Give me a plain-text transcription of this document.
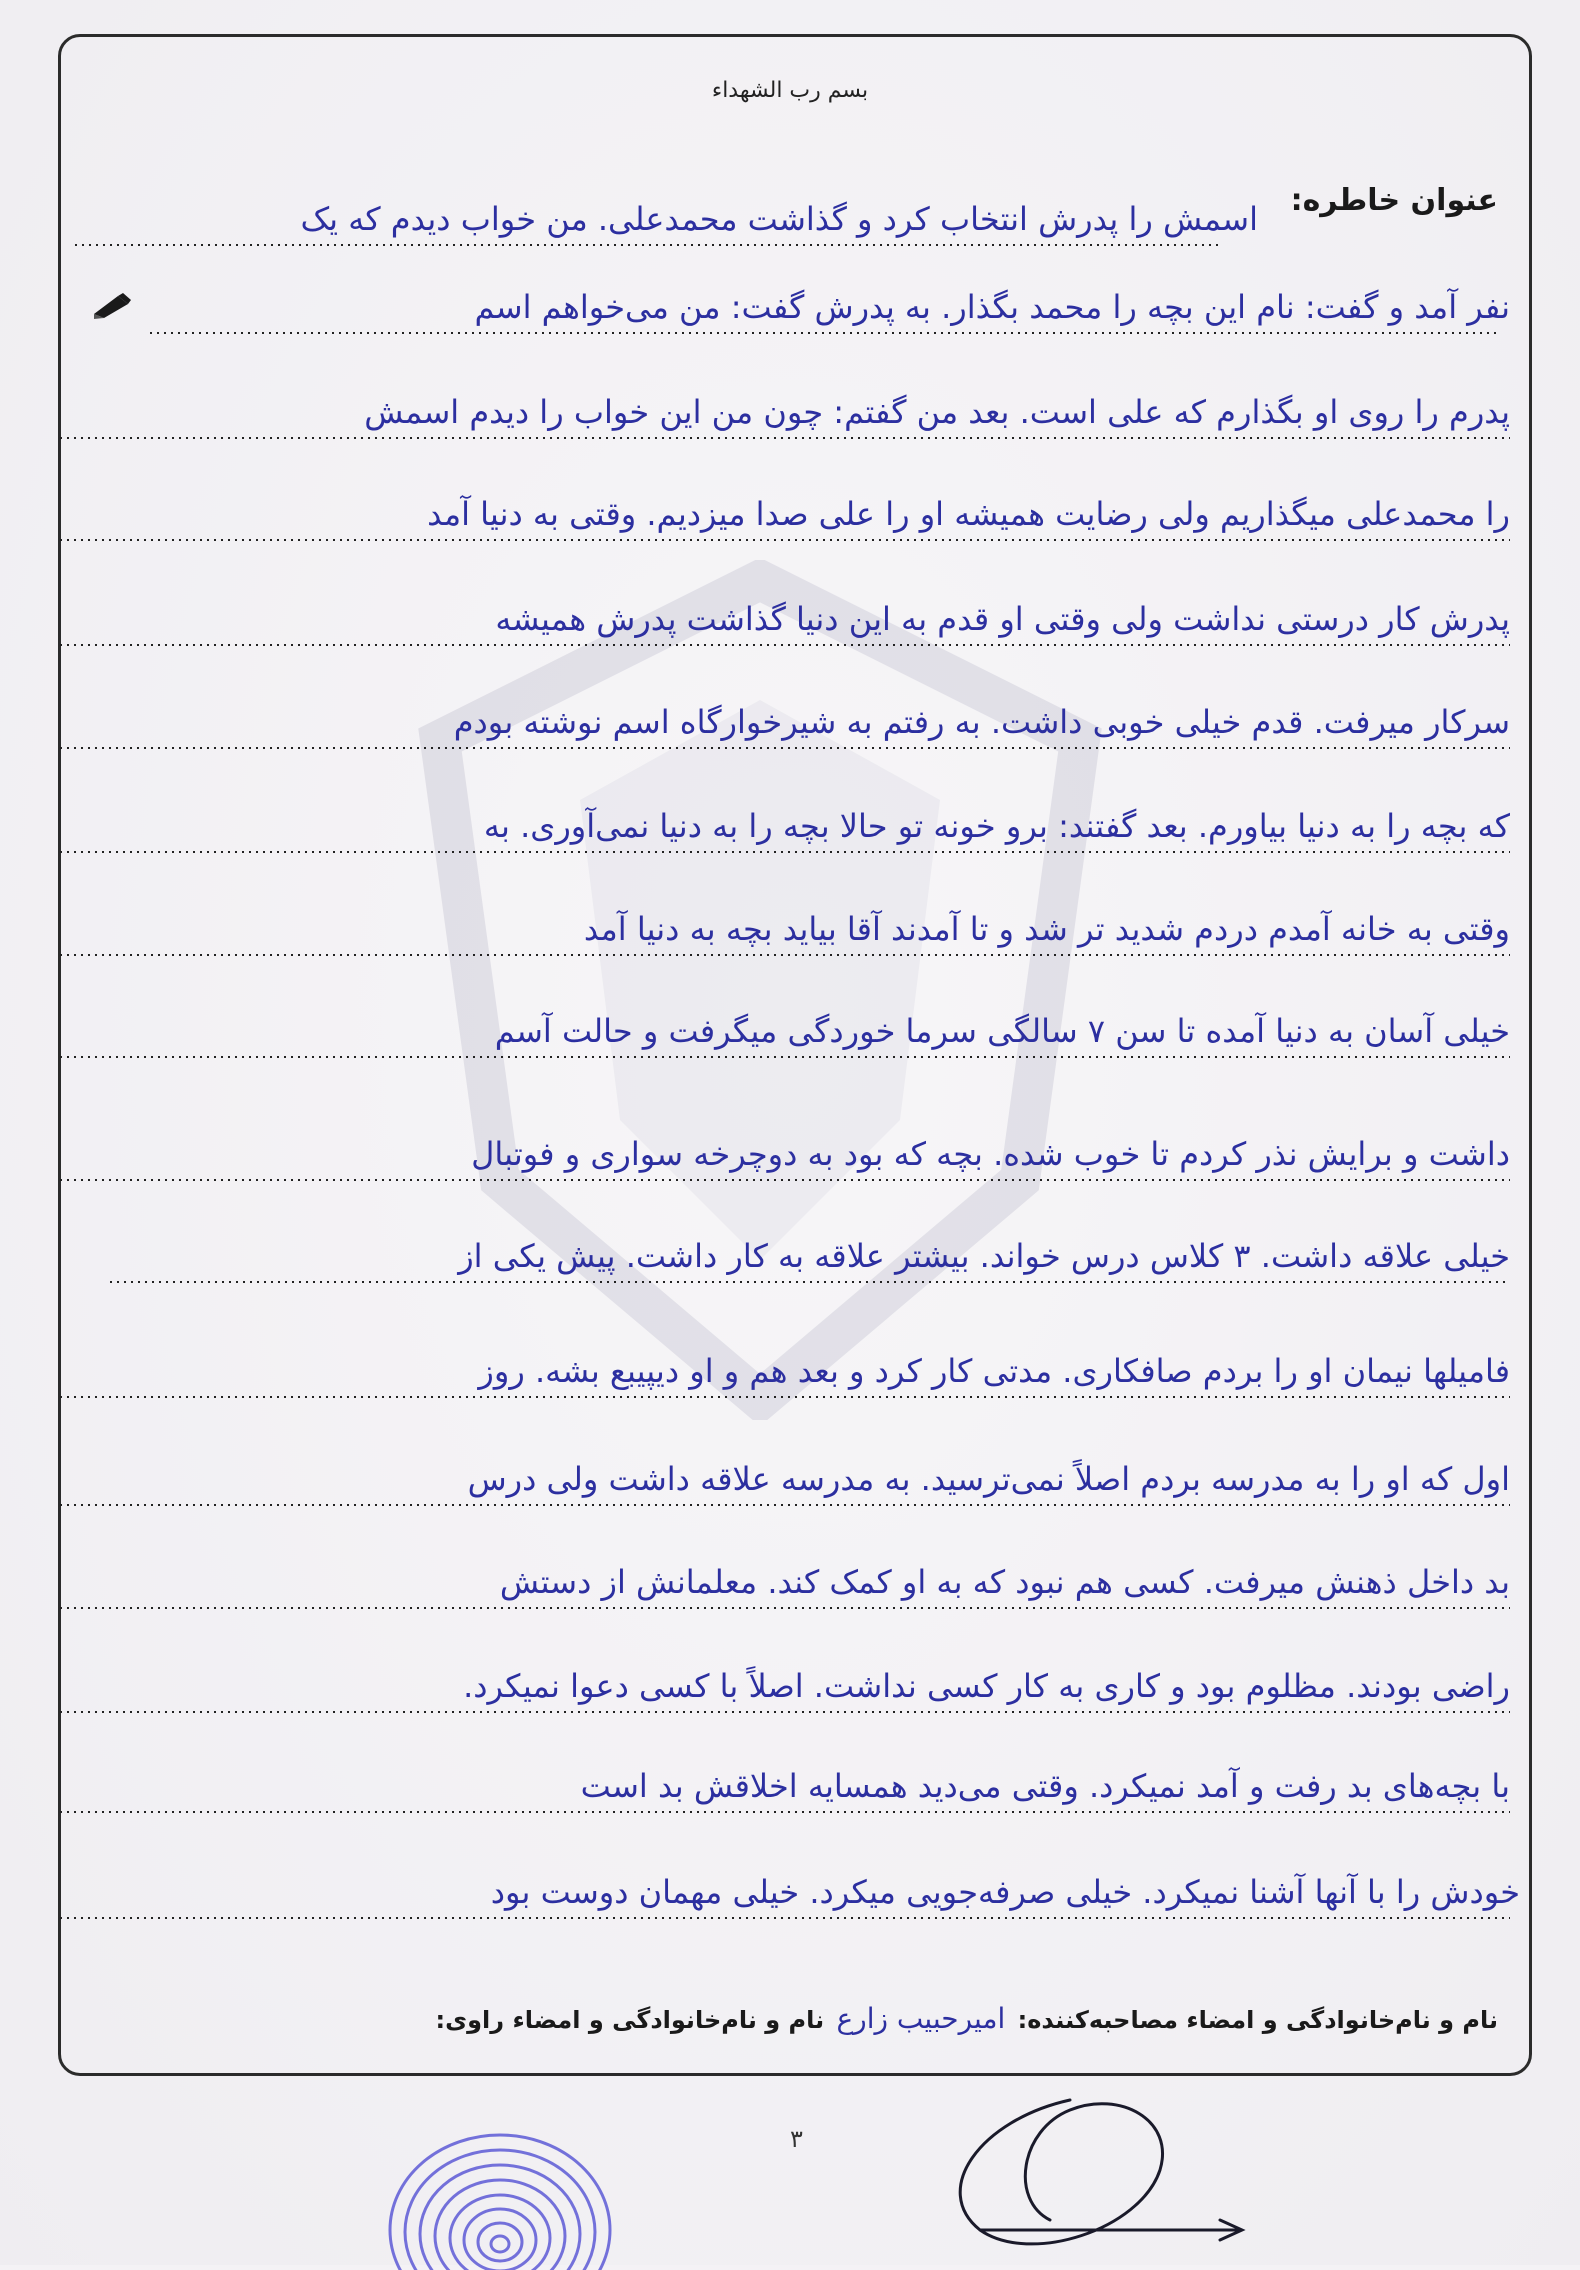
بسم رب الشهداء
عنوان خاطره:
اسمش را پدرش انتخاب کرد و گذاشت محمدعلی. من خواب دیدم که یک
نفر آمد و گفت: نام این بچه را محمد بگذار. به پدرش گفت: من می‌خواهم اسم
پدرم را روی او بگذارم که علی است. بعد من گفتم: چون من این خواب را دیدم اسمش
را محمدعلی میگذاریم ولی رضایت همیشه او را علی صدا میزدیم. وقتی به دنیا آمد
پدرش کار درستی نداشت ولی وقتی او قدم به این دنیا گذاشت پدرش همیشه
سرکار میرفت. قدم خیلی خوبی داشت. به رفتم به شیرخوارگاه اسم نوشته بودم
که بچه را به دنیا بیاورم. بعد گفتند: برو خونه تو حالا بچه را به دنیا نمی‌آوری. به
وقتی به خانه آمدم دردم شدید تر شد و تا آمدند آقا بیاید بچه به دنیا آمد
خیلی آسان به دنیا آمده تا سن ۷ سالگی سرما خوردگی میگرفت و حالت آسم
داشت و برایش نذر کردم تا خوب شده. بچه که بود به دوچرخه سواری و فوتبال
خیلی علاقه داشت. ۳ کلاس درس خواند. بیشتر علاقه به کار داشت. پیش یکی از
فامیلها نیمان او را بردم صافکاری. مدتی کار کرد و بعد هم و او دیپیبع بشه. روز
اول که او را به مدرسه بردم اصلاً نمی‌ترسید. به مدرسه علاقه داشت ولی درس
بد داخل ذهنش میرفت. کسی هم نبود که به او کمک کند. معلمانش از دستش
راضی بودند. مظلوم بود و کاری به کار کسی نداشت. اصلاً با کسی دعوا نمیکرد.
با بچه‌های بد رفت و آمد نمیکرد. وقتی می‌دید همسایه اخلاقش بد است
خودش را با آنها آشنا نمیکرد. خیلی صرفه‌جویی میکرد. خیلی مهمان دوست بود
نام و نام‌خانوادگی و امضاء مصاحبه‌کننده: امیرحبیب زارع نام و نام‌خانوادگی و امضاء راوی:
۳
